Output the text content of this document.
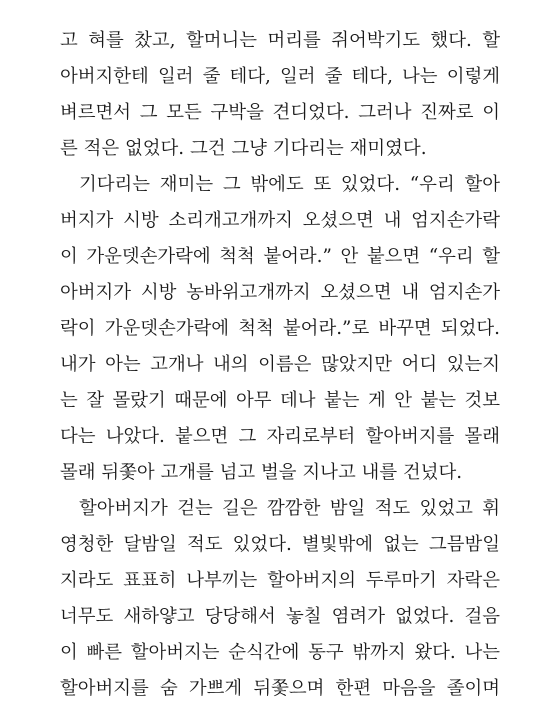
고 혀를 찼고, 할머니는 머리를 쥐어박기도 했다. 할
아버지한테 일러 줄 테다, 일러 줄 테다, 나는 이렇게
벼르면서 그 모든 구박을 견디었다. 그러나 진짜로 이
른 적은 없었다. 그건 그냥 기다리는 재미였다.
기다리는 재미는 그 밖에도 또 있었다. “우리 할아
버지가 시방 소리개고개까지 오셨으면 내 엄지손가락
이 가운뎃손가락에 척척 붙어라.” 안 붙으면 “우리 할
아버지가 시방 농바위고개까지 오셨으면 내 엄지손가
락이 가운뎃손가락에 척척 붙어라.”로 바꾸면 되었다.
내가 아는 고개나 내의 이름은 많았지만 어디 있는지
는 잘 몰랐기 때문에 아무 데나 붙는 게 안 붙는 것보
다는 나았다. 붙으면 그 자리로부터 할아버지를 몰래
몰래 뒤쫓아 고개를 넘고 벌을 지나고 내를 건넜다.
할아버지가 걷는 길은 깜깜한 밤일 적도 있었고 휘
영청한 달밤일 적도 있었다. 별빛밖에 없는 그믐밤일
지라도 표표히 나부끼는 할아버지의 두루마기 자락은
너무도 새하얗고 당당해서 놓칠 염려가 없었다. 걸음
이 빠른 할아버지는 순식간에 동구 밖까지 왔다. 나는
할아버지를 숨 가쁘게 뒤쫓으며 한편 마음을 졸이며
